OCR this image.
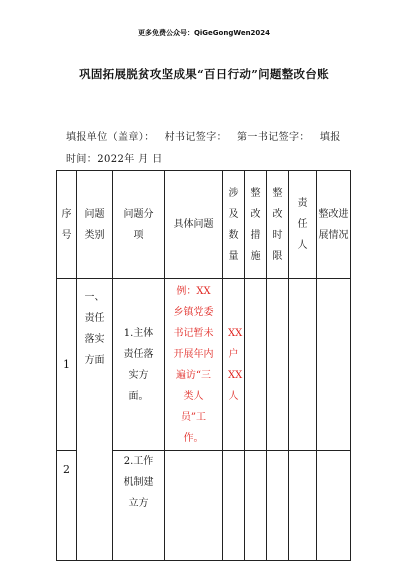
更多免费公众号：QiGeGongWen2024
巩固拓展脱贫攻坚成果“百日行动”问题整改台账
填报单位（盖章）： 村书记签字： 第一书记签字： 填报
时间：2022年 月 日
序号	问题类别	问题分项	具体问题	涉及数量	整改措施	整改时限	责任人	整改进展情况
1	一、责任落实方面	1.主体责任落实方面。	例：XX乡镇党委书记暂未开展年内遍访“三类人员”工作。	XX户XX人				
2		2.工作机制建立方						
